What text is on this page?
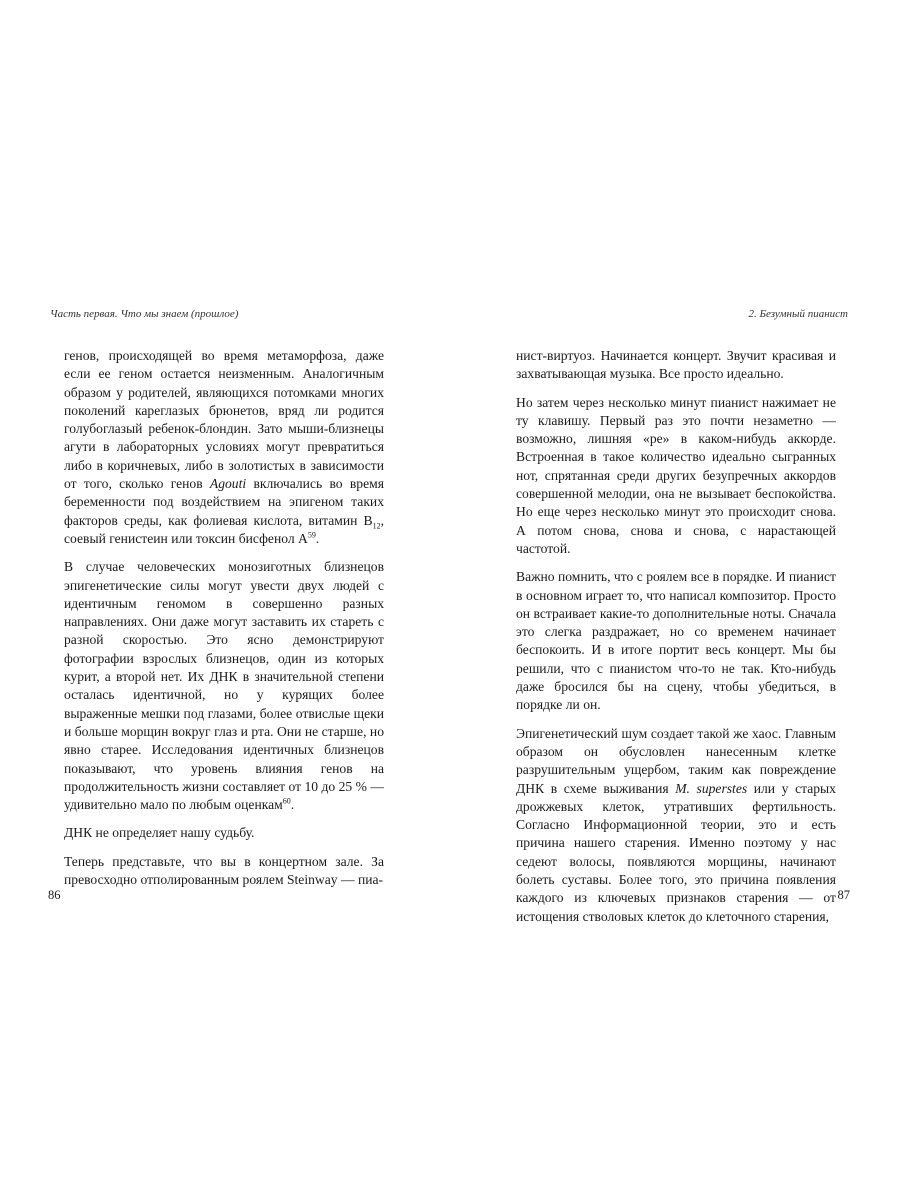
Часть первая. Что мы знаем (прошлое)	2. Безумный пианист

генов, происходящей во время метаморфоза, даже если ее геном остается неизменным. Аналогичным образом у родителей, являющихся потомками многих поколений кареглазых брюнетов, вряд ли родится голубоглазый ребенок-блондин. Зато мыши-близнецы агути в лабораторных условиях могут превратиться либо в коричневых, либо в золотистых в зависимости от того, сколько генов Agouti включались во время беременности под воздействием на эпигеном таких факторов среды, как фолиевая кислота, витамин $B_{12}$, соевый генистеин или токсин бисфенол $А^{59}$.

В случае человеческих монозиготных близнецов эпигенетические силы могут увести двух людей с идентичным геномом в совершенно разных направлениях. Они даже могут заставить их стареть с разной скоростью. Это ясно демонстрируют фотографии взрослых близнецов, один из которых курит, а второй нет. Их ДНК в значительной степени осталась идентичной, но у курящих более выраженные мешки под глазами, более отвислые щеки и больше морщин вокруг глаз и рта. Они не старше, но явно старее. Исследования идентичных близнецов показывают, что уровень влияния генов на продолжительность жизни составляет от 10 до 25 % — удивительно мало по любым оценкам$^{60}$.

ДНК не определяет нашу судьбу.

Теперь представьте, что вы в концертном зале. За превосходно отполированным роялем Steinway — пиа-

нист-виртуоз. Начинается концерт. Звучит красивая и захватывающая музыка. Все просто идеально.

Но затем через несколько минут пианист нажимает не ту клавишу. Первый раз это почти незаметно — возможно, лишняя «ре» в каком-нибудь аккорде. Встроенная в такое количество идеально сыгранных нот, спрятанная среди других безупречных аккордов совершенной мелодии, она не вызывает беспокойства. Но еще через несколько минут это происходит снова. А потом снова, снова и снова, с нарастающей частотой.

Важно помнить, что с роялем все в порядке. И пианист в основном играет то, что написал композитор. Просто он встраивает какие-то дополнительные ноты. Сначала это слегка раздражает, но со временем начинает беспокоить. И в итоге портит весь концерт. Мы бы решили, что с пианистом что-то не так. Кто-нибудь даже бросился бы на сцену, чтобы убедиться, в порядке ли он.

Эпигенетический шум создает такой же хаос. Главным образом он обусловлен нанесенным клетке разрушительным ущербом, таким как повреждение ДНК в схеме выживания M. superstes или у старых дрожжевых клеток, утративших фертильность. Согласно Информационной теории, это и есть причина нашего старения. Именно поэтому у нас седеют волосы, появляются морщины, начинают болеть суставы. Более того, это причина появления каждого из ключевых признаков старения — от истощения стволовых клеток до клеточного старения,

86	87
